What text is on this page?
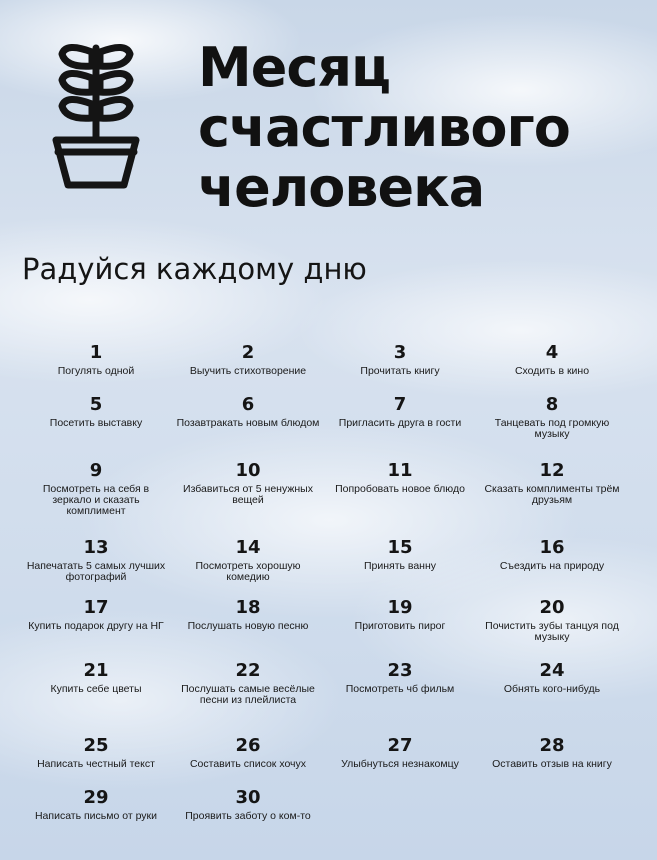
Месяц
счастливого
человека
Радуйся каждому дню
1
Погулять одной
2
Выучить стихотворение
3
Прочитать книгу
4
Сходить в кино
5
Посетить выставку
6
Позавтракать новым блюдом
7
Пригласить друга в гости
8
Танцевать под громкую музыку
9
Посмотреть на себя в зеркало и сказать комплимент
10
Избавиться от 5 ненужных вещей
11
Попробовать новое блюдо
12
Сказать комплименты трём друзьям
13
Напечатать 5 самых лучших фотографий
14
Посмотреть хорошую комедию
15
Принять ванну
16
Съездить на природу
17
Купить подарок другу на НГ
18
Послушать новую песню
19
Приготовить пирог
20
Почистить зубы танцуя под музыку
21
Купить себе цветы
22
Послушать самые весёлые песни из плейлиста
23
Посмотреть чб фильм
24
Обнять кого-нибудь
25
Написать честный текст
26
Составить список хочух
27
Улыбнуться незнакомцу
28
Оставить отзыв на книгу
29
Написать письмо от руки
30
Проявить заботу о ком-то
